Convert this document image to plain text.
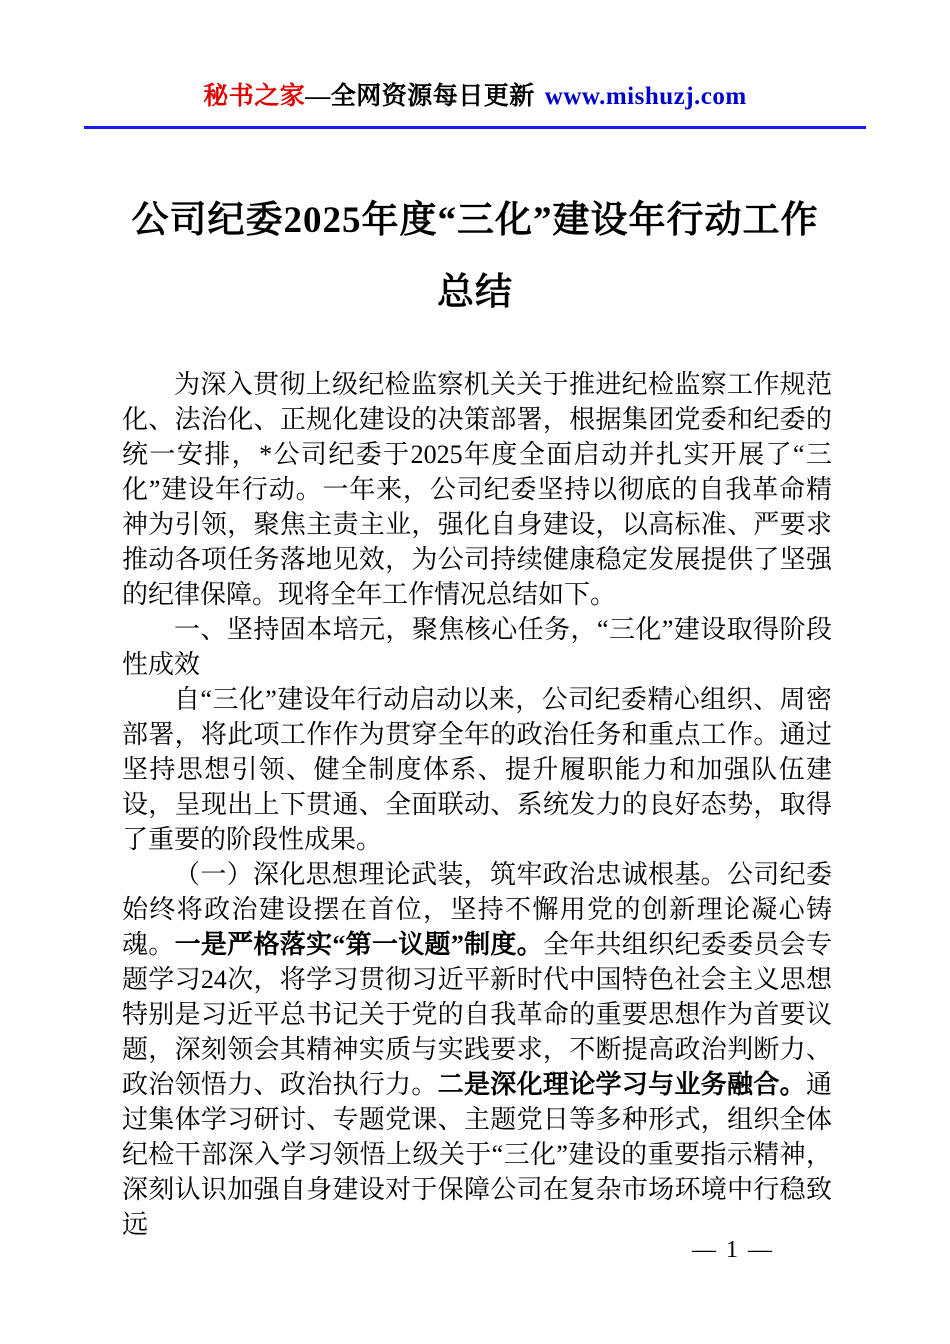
秘书之家—全网资源每日更新 www.mishuzj.com
公司纪委2025年度“三化”建设年行动工作
总结

为深入贯彻上级纪检监察机关关于推进纪检监察工作规范化、法治化、正规化建设的决策部署，根据集团党委和纪委的统一安排，*公司纪委于2025年度全面启动并扎实开展了“三化”建设年行动。一年来，公司纪委坚持以彻底的自我革命精神为引领，聚焦主责主业，强化自身建设，以高标准、严要求推动各项任务落地见效，为公司持续健康稳定发展提供了坚强的纪律保障。现将全年工作情况总结如下。

一、坚持固本培元，聚焦核心任务，“三化”建设取得阶段性成效

自“三化”建设年行动启动以来，公司纪委精心组织、周密部署，将此项工作作为贯穿全年的政治任务和重点工作。通过坚持思想引领、健全制度体系、提升履职能力和加强队伍建设，呈现出上下贯通、全面联动、系统发力的良好态势，取得了重要的阶段性成果。

（一）深化思想理论武装，筑牢政治忠诚根基。公司纪委始终将政治建设摆在首位，坚持不懈用党的创新理论凝心铸魂。一是严格落实“第一议题”制度。全年共组织纪委委员会专题学习24次，将学习贯彻习近平新时代中国特色社会主义思想特别是习近平总书记关于党的自我革命的重要思想作为首要议题，深刻领会其精神实质与实践要求，不断提高政治判断力、政治领悟力、政治执行力。二是深化理论学习与业务融合。通过集体学习研讨、专题党课、主题党日等多种形式，组织全体纪检干部深入学习领悟上级关于“三化”建设的重要指示精神，深刻认识加强自身建设对于保障公司在复杂市场环境中行稳致远

— 1 —
